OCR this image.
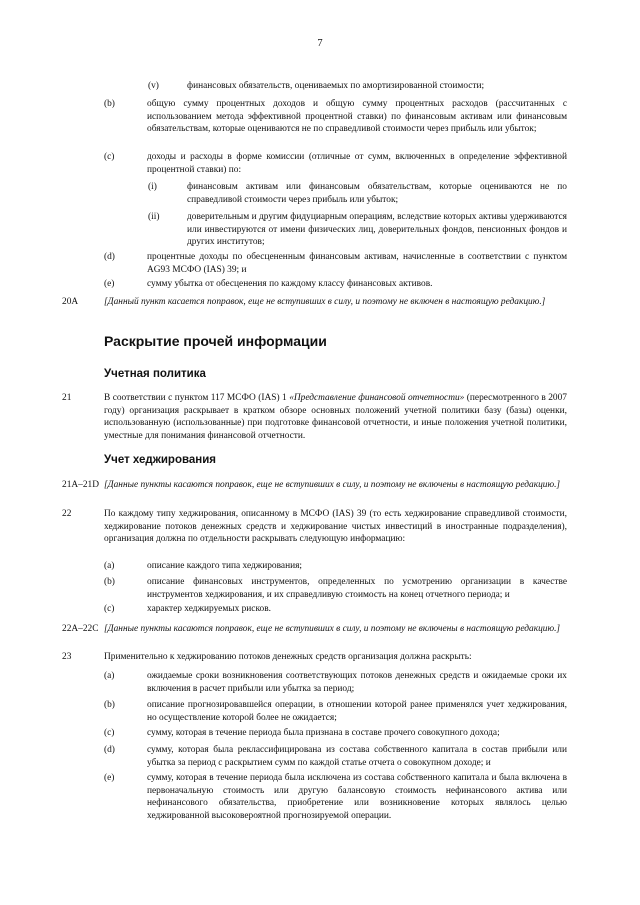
7
(v)	финансовых обязательств, оцениваемых по амортизированной стоимости;
(b)	общую сумму процентных доходов и общую сумму процентных расходов (рассчитанных с использованием метода эффективной процентной ставки) по финансовым активам или финансовым обязательствам, которые оцениваются не по справедливой стоимости через прибыль или убыток;
(c)	доходы и расходы в форме комиссии (отличные от сумм, включенных в определение эффективной процентной ставки) по:
(i)	финансовым активам или финансовым обязательствам, которые оцениваются не по справедливой стоимости через прибыль или убыток;
(ii)	доверительным и другим фидуциарным операциям, вследствие которых активы удерживаются или инвестируются от имени физических лиц, доверительных фондов, пенсионных фондов и других институтов;
(d)	процентные доходы по обесцененным финансовым активам, начисленные в соответствии с пунктом AG93 МСФО (IAS) 39; и
(e)	сумму убытка от обесценения по каждому классу финансовых активов.
20A	[Данный пункт касается поправок, еще не вступивших в силу, и поэтому не включен в настоящую редакцию.]
Раскрытие прочей информации
Учетная политика
21	В соответствии с пунктом 117 МСФО (IAS) 1 «Представление финансовой отчетности» (пересмотренного в 2007 году) организация раскрывает в кратком обзоре основных положений учетной политики базу (базы) оценки, использованную (использованные) при подготовке финансовой отчетности, и иные положения учетной политики, уместные для понимания финансовой отчетности.
Учет хеджирования
21A–21D [Данные пункты касаются поправок, еще не вступивших в силу, и поэтому не включены в настоящую редакцию.]
22	По каждому типу хеджирования, описанному в МСФО (IAS) 39 (то есть хеджирование справедливой стоимости, хеджирование потоков денежных средств и хеджирование чистых инвестиций в иностранные подразделения), организация должна по отдельности раскрывать следующую информацию:
(a)	описание каждого типа хеджирования;
(b)	описание финансовых инструментов, определенных по усмотрению организации в качестве инструментов хеджирования, и их справедливую стоимость на конец отчетного периода; и
(c)	характер хеджируемых рисков.
22A–22C [Данные пункты касаются поправок, еще не вступивших в силу, и поэтому не включены в настоящую редакцию.]
23	Применительно к хеджированию потоков денежных средств организация должна раскрыть:
(a)	ожидаемые сроки возникновения соответствующих потоков денежных средств и ожидаемые сроки их включения в расчет прибыли или убытка за период;
(b)	описание прогнозировавшейся операции, в отношении которой ранее применялся учет хеджирования, но осуществление которой более не ожидается;
(c)	сумму, которая в течение периода была признана в составе прочего совокупного дохода;
(d)	сумму, которая была реклассифицирована из состава собственного капитала в состав прибыли или убытка за период с раскрытием сумм по каждой статье отчета о совокупном доходе; и
(e)	сумму, которая в течение периода была исключена из состава собственного капитала и была включена в первоначальную стоимость или другую балансовую стоимость нефинансового актива или нефинансового обязательства, приобретение или возникновение которых являлось целью хеджированной высоковероятной прогнозируемой операции.
